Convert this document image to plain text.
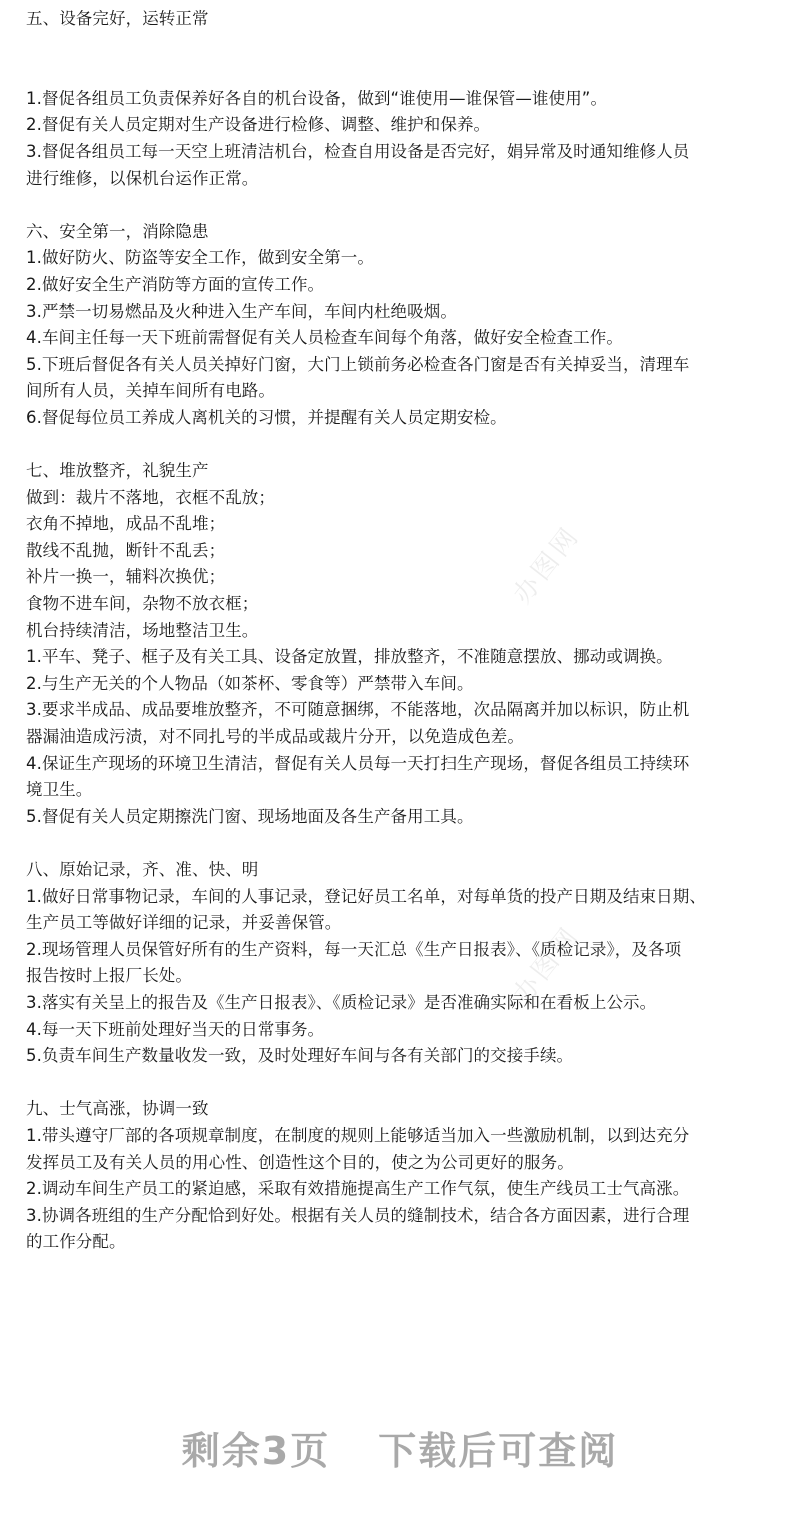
五、设备完好，运转正常
1.督促各组员工负责保养好各自的机台设备，做到“谁使用—谁保管—谁使用”。
2.督促有关人员定期对生产设备进行检修、调整、维护和保养。
3.督促各组员工每一天空上班清洁机台，检查自用设备是否完好，娟异常及时通知维修人员
进行维修，以保机台运作正常。
六、安全第一，消除隐患
1.做好防火、防盗等安全工作，做到安全第一。
2.做好安全生产消防等方面的宣传工作。
3.严禁一切易燃品及火种进入生产车间，车间内杜绝吸烟。
4.车间主任每一天下班前需督促有关人员检查车间每个角落，做好安全检查工作。
5.下班后督促各有关人员关掉好门窗，大门上锁前务必检查各门窗是否有关掉妥当，清理车
间所有人员，关掉车间所有电路。
6.督促每位员工养成人离机关的习惯，并提醒有关人员定期安检。
七、堆放整齐，礼貌生产
做到：裁片不落地，衣框不乱放；
衣角不掉地，成品不乱堆；
散线不乱抛，断针不乱丢；
补片一换一，辅料次换优；
食物不进车间，杂物不放衣框；
机台持续清洁，场地整洁卫生。
1.平车、凳子、框子及有关工具、设备定放置，排放整齐，不准随意摆放、挪动或调换。
2.与生产无关的个人物品（如茶杯、零食等）严禁带入车间。
3.要求半成品、成品要堆放整齐，不可随意捆绑，不能落地，次品隔离并加以标识，防止机
器漏油造成污渍，对不同扎号的半成品或裁片分开，以免造成色差。
4.保证生产现场的环境卫生清洁，督促有关人员每一天打扫生产现场，督促各组员工持续环
境卫生。
5.督促有关人员定期擦洗门窗、现场地面及各生产备用工具。
八、原始记录，齐、准、快、明
1.做好日常事物记录，车间的人事记录，登记好员工名单，对每单货的投产日期及结束日期、
生产员工等做好详细的记录，并妥善保管。
2.现场管理人员保管好所有的生产资料，每一天汇总《生产日报表》、《质检记录》，及各项
报告按时上报厂长处。
3.落实有关呈上的报告及《生产日报表》、《质检记录》是否准确实际和在看板上公示。
4.每一天下班前处理好当天的日常事务。
5.负责车间生产数量收发一致，及时处理好车间与各有关部门的交接手续。
九、士气高涨，协调一致
1.带头遵守厂部的各项规章制度，在制度的规则上能够适当加入一些激励机制，以到达充分
发挥员工及有关人员的用心性、创造性这个目的，使之为公司更好的服务。
2.调动车间生产员工的紧迫感，采取有效措施提高生产工作气氛，使生产线员工士气高涨。
3.协调各班组的生产分配恰到好处。根据有关人员的缝制技术，结合各方面因素，进行合理
的工作分配。
办图网
办图网
剩余3页 下载后可查阅
